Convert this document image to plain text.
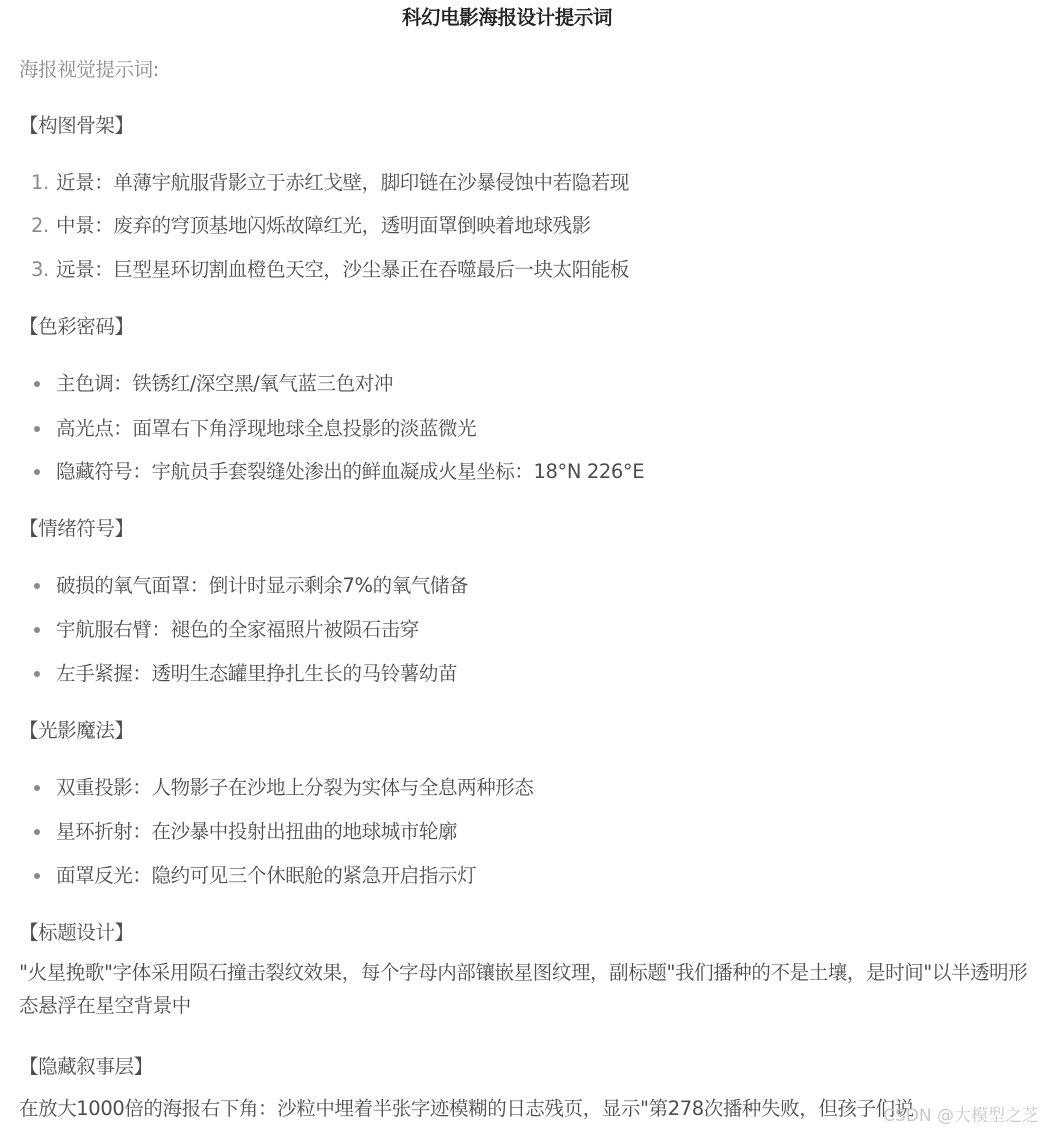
科幻电影海报设计提示词
海报视觉提示词:
【构图骨架】
1. 近景：单薄宇航服背影立于赤红戈壁，脚印链在沙暴侵蚀中若隐若现
2. 中景：废弃的穹顶基地闪烁故障红光，透明面罩倒映着地球残影
3. 远景：巨型星环切割血橙色天空，沙尘暴正在吞噬最后一块太阳能板
【色彩密码】
主色调：铁锈红/深空黑/氧气蓝三色对冲
高光点：面罩右下角浮现地球全息投影的淡蓝微光
隐藏符号：宇航员手套裂缝处渗出的鲜血凝成火星坐标：18°N 226°E
【情绪符号】
破损的氧气面罩：倒计时显示剩余7%的氧气储备
宇航服右臂：褪色的全家福照片被陨石击穿
左手紧握：透明生态罐里挣扎生长的马铃薯幼苗
【光影魔法】
双重投影：人物影子在沙地上分裂为实体与全息两种形态
星环折射：在沙暴中投射出扭曲的地球城市轮廓
面罩反光：隐约可见三个休眠舱的紧急开启指示灯
【标题设计】
"火星挽歌"字体采用陨石撞击裂纹效果，每个字母内部镶嵌星图纹理，副标题"我们播种的不是土壤，是时间"以半透明形态悬浮在星空背景中
【隐藏叙事层】
在放大1000倍的海报右下角：沙粒中埋着半张字迹模糊的日志残页，显示"第278次播种失败，但孩子们说
CSDN @大模型之芝
